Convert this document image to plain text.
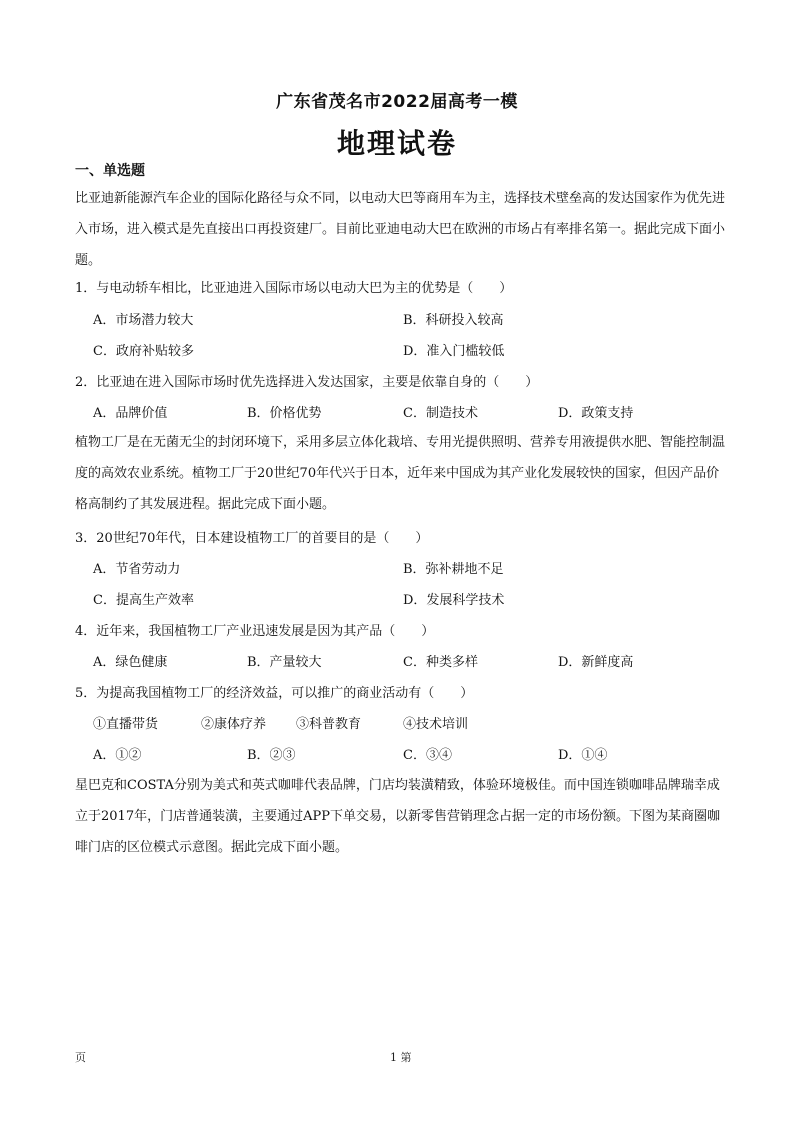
广东省茂名市2022届高考一模
地理试卷
一、单选题

比亚迪新能源汽车企业的国际化路径与众不同，以电动大巴等商用车为主，选择技术壁垒高的发达国家作为优先进入市场，进入模式是先直接出口再投资建厂。目前比亚迪电动大巴在欧洲的市场占有率排名第一。据此完成下面小题。

1．与电动轿车相比，比亚迪进入国际市场以电动大巴为主的优势是（　　）
A．市场潜力较大	B．科研投入较高
C．政府补贴较多	D．准入门槛较低
2．比亚迪在进入国际市场时优先选择进入发达国家，主要是依靠自身的（　　）
A．品牌价值	B．价格优势	C．制造技术	D．政策支持

植物工厂是在无菌无尘的封闭环境下，采用多层立体化栽培、专用光提供照明、营养专用液提供水肥、智能控制温度的高效农业系统。植物工厂于20世纪70年代兴于日本，近年来中国成为其产业化发展较快的国家，但因产品价格高制约了其发展进程。据此完成下面小题。

3．20世纪70年代，日本建设植物工厂的首要目的是（　　）
A．节省劳动力	B．弥补耕地不足
C．提高生产效率	D．发展科学技术
4．近年来，我国植物工厂产业迅速发展是因为其产品（　　）
A．绿色健康	B．产量较大	C．种类多样	D．新鲜度高
5．为提高我国植物工厂的经济效益，可以推广的商业活动有（　　）
①直播带货	②康体疗养 ③科普教育	④技术培训
A．①②	B．②③	C．③④	D．①④

星巴克和COSTA分别为美式和英式咖啡代表品牌，门店均装潢精致，体验环境极佳。而中国连锁咖啡品牌瑞幸成立于2017年，门店普通装潢，主要通过APP下单交易，以新零售营销理念占据一定的市场份额。下图为某商圈咖啡门店的区位模式示意图。据此完成下面小题。

页	1 第
